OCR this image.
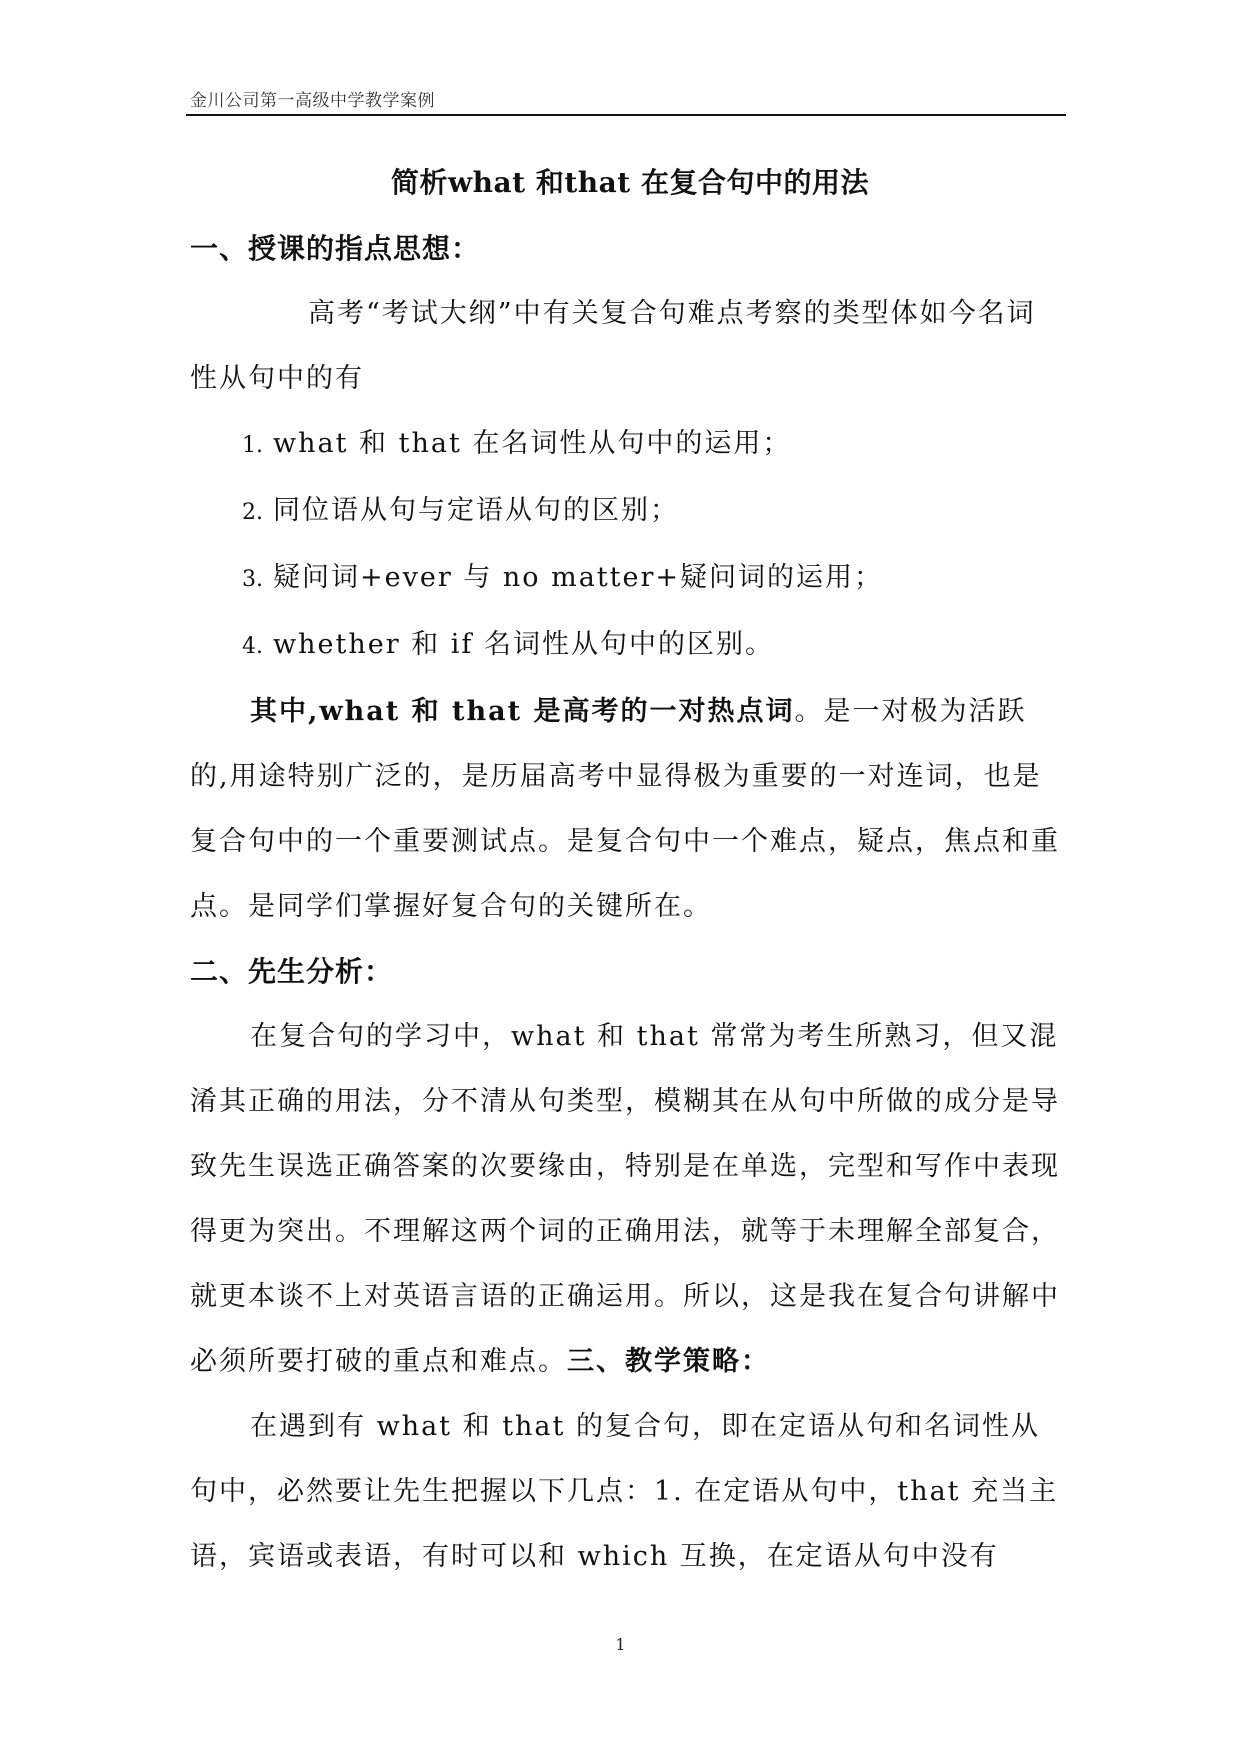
金川公司第一高级中学教学案例

简析what 和that 在复合句中的用法

一、授课的指点思想：

高考“考试大纲”中有关复合句难点考察的类型体如今名词性从句中的有

1. what 和 that 在名词性从句中的运用；

2. 同位语从句与定语从句的区别；

3. 疑问词+ever 与 no matter+疑问词的运用；

4. whether 和 if 名词性从句中的区别。

其中,what 和 that 是高考的一对热点词。是一对极为活跃的,用途特别广泛的，是历届高考中显得极为重要的一对连词，也是复合句中的一个重要测试点。是复合句中一个难点，疑点，焦点和重点。是同学们掌握好复合句的关键所在。

二、先生分析：

在复合句的学习中，what 和 that 常常为考生所熟习，但又混淆其正确的用法，分不清从句类型，模糊其在从句中所做的成分是导致先生误选正确答案的次要缘由，特别是在单选，完型和写作中表现得更为突出。不理解这两个词的正确用法，就等于未理解全部复合，就更本谈不上对英语言语的正确运用。所以，这是我在复合句讲解中必须所要打破的重点和难点。三、教学策略：

在遇到有 what 和 that 的复合句，即在定语从句和名词性从句中，必然要让先生把握以下几点：1. 在定语从句中，that 充当主语，宾语或表语，有时可以和 which 互换，在定语从句中没有

1
